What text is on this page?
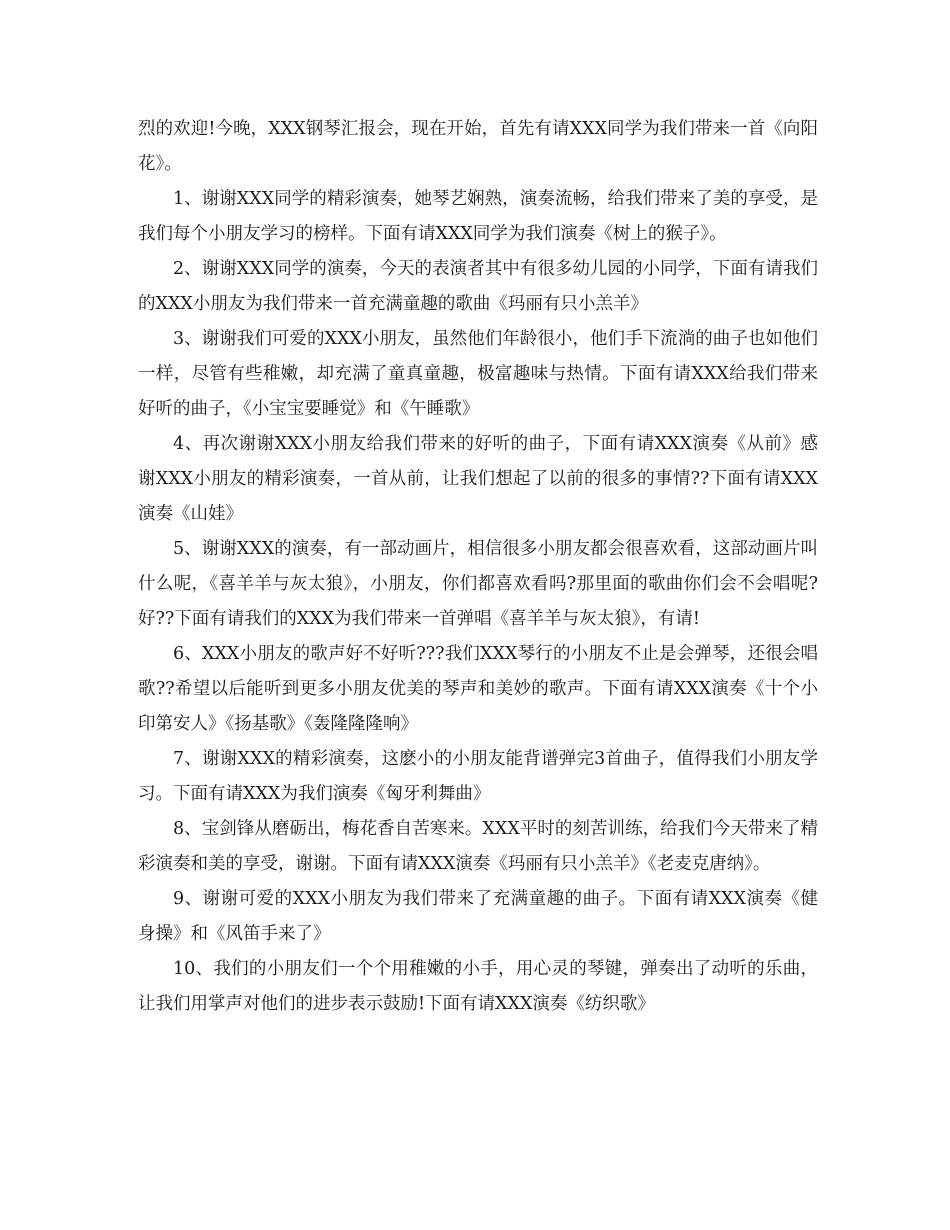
烈的欢迎!今晚，XXX钢琴汇报会，现在开始，首先有请XXX同学为我们带来一首《向阳花》。

1、谢谢XXX同学的精彩演奏，她琴艺娴熟，演奏流畅，给我们带来了美的享受，是我们每个小朋友学习的榜样。下面有请XXX同学为我们演奏《树上的猴子》。

2、谢谢XXX同学的演奏，今天的表演者其中有很多幼儿园的小同学，下面有请我们的XXX小朋友为我们带来一首充满童趣的歌曲《玛丽有只小羔羊》

3、谢谢我们可爱的XXX小朋友，虽然他们年龄很小，他们手下流淌的曲子也如他们一样，尽管有些稚嫩，却充满了童真童趣，极富趣味与热情。下面有请XXX给我们带来好听的曲子，《小宝宝要睡觉》和《午睡歌》

4、再次谢谢XXX小朋友给我们带来的好听的曲子，下面有请XXX演奏《从前》感谢XXX小朋友的精彩演奏，一首从前，让我们想起了以前的很多的事情??下面有请XXX演奏《山娃》

5、谢谢XXX的演奏，有一部动画片，相信很多小朋友都会很喜欢看，这部动画片叫什么呢，《喜羊羊与灰太狼》，小朋友，你们都喜欢看吗?那里面的歌曲你们会不会唱呢?好??下面有请我们的XXX为我们带来一首弹唱《喜羊羊与灰太狼》，有请!

6、XXX小朋友的歌声好不好听???我们XXX琴行的小朋友不止是会弹琴，还很会唱歌??希望以后能听到更多小朋友优美的琴声和美妙的歌声。下面有请XXX演奏《十个小印第安人》《扬基歌》《轰隆隆隆响》

7、谢谢XXX的精彩演奏，这麽小的小朋友能背谱弹完3首曲子，值得我们小朋友学习。下面有请XXX为我们演奏《匈牙利舞曲》

8、宝剑锋从磨砺出，梅花香自苦寒来。XXX平时的刻苦训练，给我们今天带来了精彩演奏和美的享受，谢谢。下面有请XXX演奏《玛丽有只小羔羊》《老麦克唐纳》。

9、谢谢可爱的XXX小朋友为我们带来了充满童趣的曲子。下面有请XXX演奏《健身操》和《风笛手来了》

10、我们的小朋友们一个个用稚嫩的小手，用心灵的琴键，弹奏出了动听的乐曲，让我们用掌声对他们的进步表示鼓励!下面有请XXX演奏《纺织歌》
